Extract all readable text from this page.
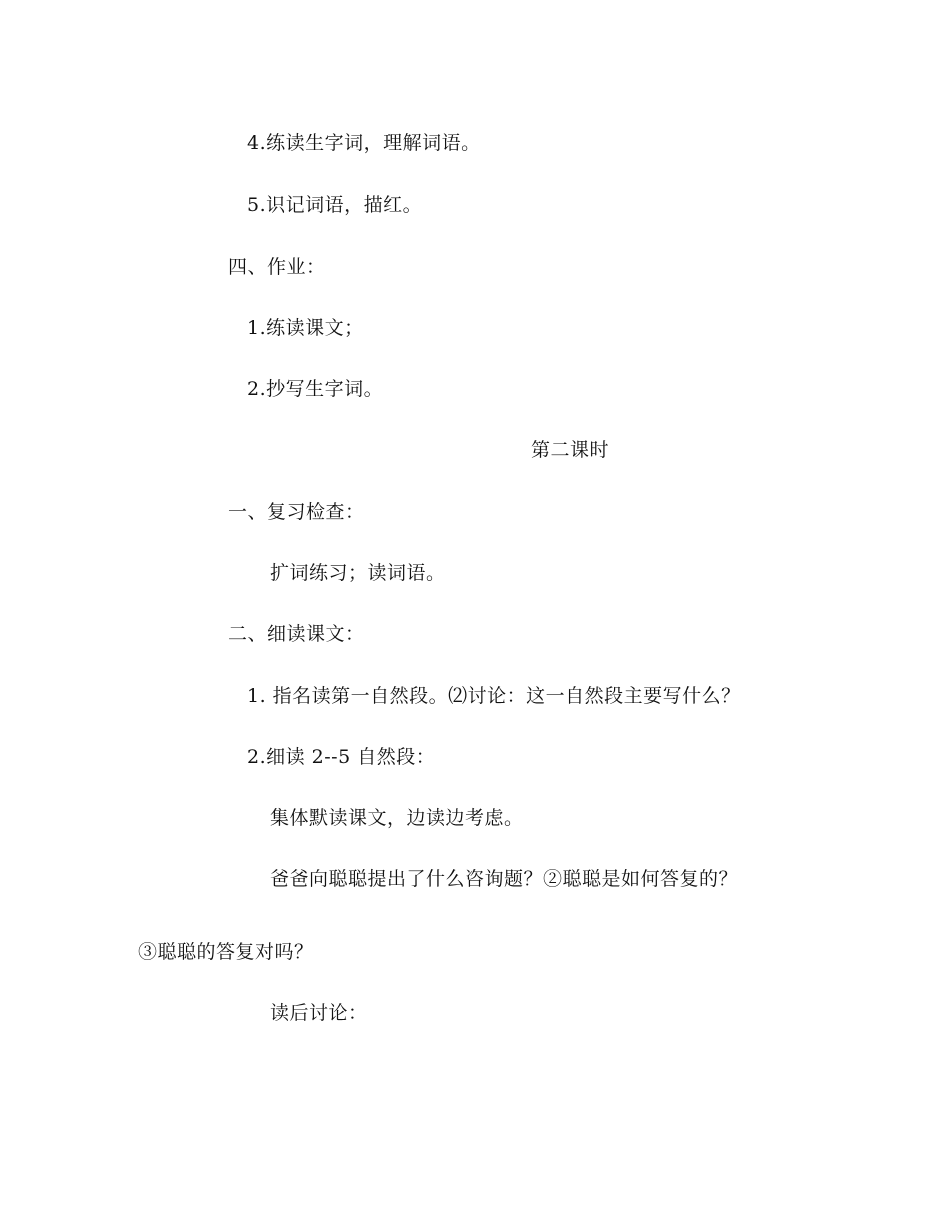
4.练读生字词，理解词语。
5.识记词语，描红。
四、作业：
1.练读课文；
2.抄写生字词。
第二课时
一、复习检查：
扩词练习；读词语。
二、细读课文：
1. 指名读第一自然段。⑵讨论：这一自然段主要写什么？
2.细读 2--5 自然段：
集体默读课文，边读边考虑。
爸爸向聪聪提出了什么咨询题？②聪聪是如何答复的？
③聪聪的答复对吗？
读后讨论：
